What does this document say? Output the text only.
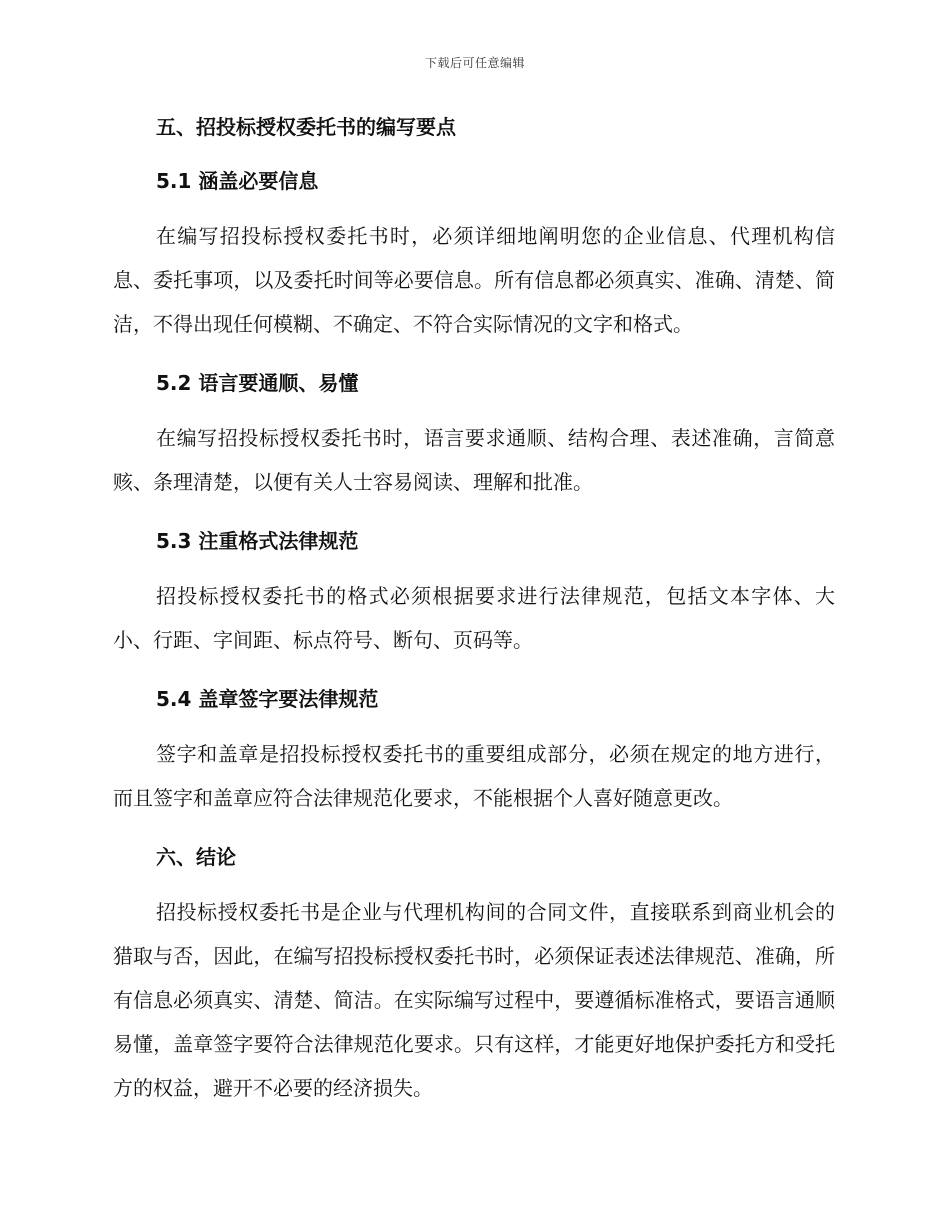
下载后可任意编辑
五、招投标授权委托书的编写要点
5.1 涵盖必要信息

在编写招投标授权委托书时，必须详细地阐明您的企业信息、代理机构信息、委托事项，以及委托时间等必要信息。所有信息都必须真实、准确、清楚、简洁，不得出现任何模糊、不确定、不符合实际情况的文字和格式。

5.2 语言要通顺、易懂

在编写招投标授权委托书时，语言要求通顺、结构合理、表述准确，言简意赅、条理清楚，以便有关人士容易阅读、理解和批准。

5.3 注重格式法律规范

招投标授权委托书的格式必须根据要求进行法律规范，包括文本字体、大小、行距、字间距、标点符号、断句、页码等。

5.4 盖章签字要法律规范

签字和盖章是招投标授权委托书的重要组成部分，必须在规定的地方进行，而且签字和盖章应符合法律规范化要求，不能根据个人喜好随意更改。

六、结论

招投标授权委托书是企业与代理机构间的合同文件，直接联系到商业机会的猎取与否，因此，在编写招投标授权委托书时，必须保证表述法律规范、准确，所有信息必须真实、清楚、简洁。在实际编写过程中，要遵循标准格式，要语言通顺易懂，盖章签字要符合法律规范化要求。只有这样，才能更好地保护委托方和受托方的权益，避开不必要的经济损失。
